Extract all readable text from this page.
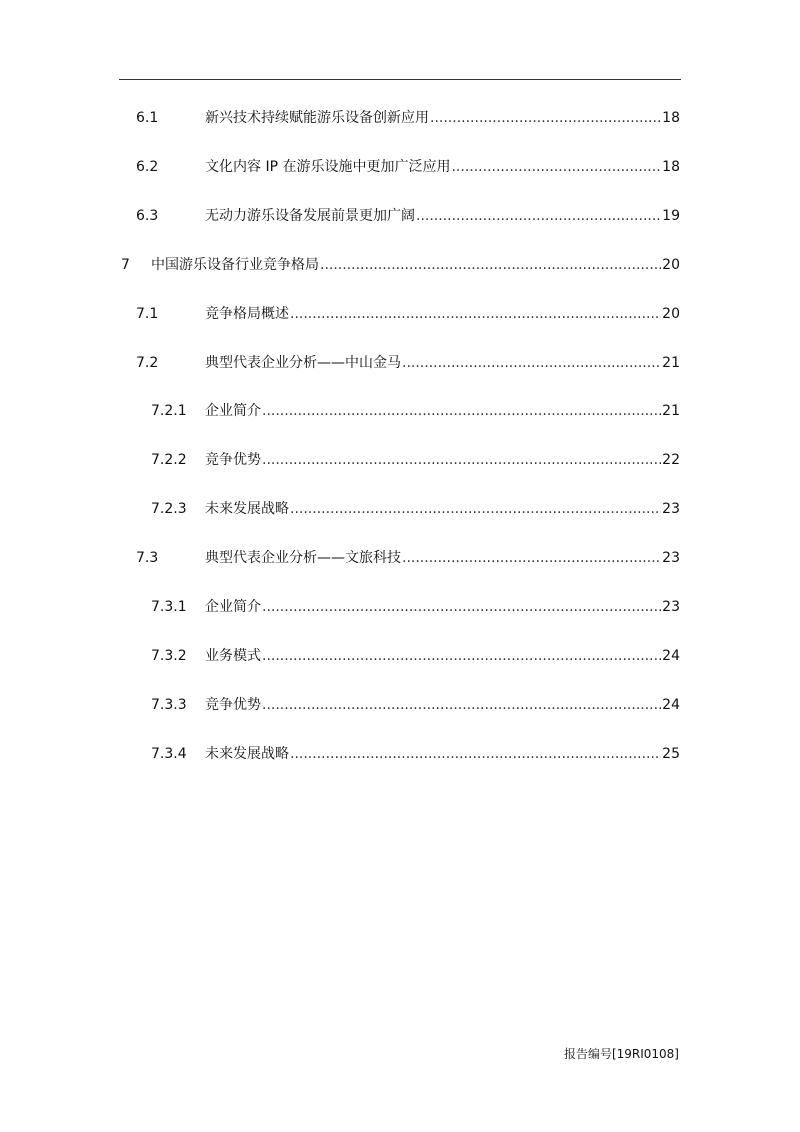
6.1	新兴技术持续赋能游乐设备创新应用 .....	18
6.2	文化内容 IP 在游乐设施中更加广泛应用 .....	18
6.3	无动力游乐设备发展前景更加广阔 .....	19
7 中国游乐设备行业竞争格局 .....	20
7.1	竞争格局概述 .....	20
7.2	典型代表企业分析——中山金马 .....	21
7.2.1 企业简介 .....	21
7.2.2 竞争优势 .....	22
7.2.3 未来发展战略 .....	23
7.3	典型代表企业分析——文旅科技 .....	23
7.3.1 企业简介 .....	23
7.3.2 业务模式 .....	24
7.3.3 竞争优势 .....	24
7.3.4 未来发展战略 .....	25
报告编号[19RI0108]
